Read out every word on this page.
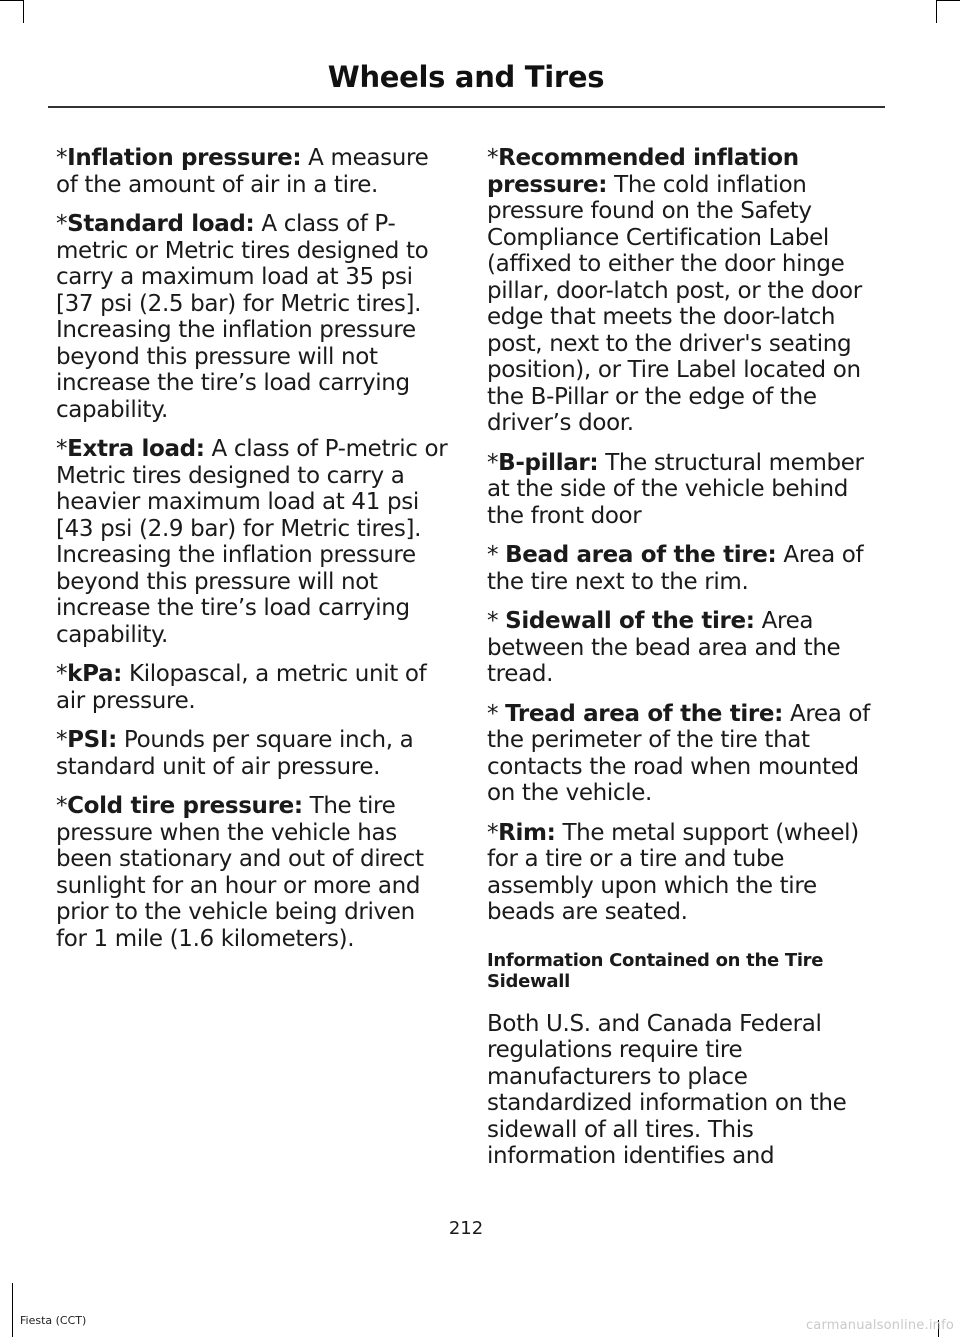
Wheels and Tires

*Inflation pressure: A measure of the amount of air in a tire.

*Standard load: A class of P-metric or Metric tires designed to carry a maximum load at 35 psi [37 psi (2.5 bar) for Metric tires]. Increasing the inflation pressure beyond this pressure will not increase the tire’s load carrying capability.

*Extra load: A class of P-metric or Metric tires designed to carry a heavier maximum load at 41 psi [43 psi (2.9 bar) for Metric tires]. Increasing the inflation pressure beyond this pressure will not increase the tire’s load carrying capability.

*kPa: Kilopascal, a metric unit of air pressure.

*PSI: Pounds per square inch, a standard unit of air pressure.

*Cold tire pressure: The tire pressure when the vehicle has been stationary and out of direct sunlight for an hour or more and prior to the vehicle being driven for 1 mile (1.6 kilometers).

*Recommended inflation pressure: The cold inflation pressure found on the Safety Compliance Certification Label (affixed to either the door hinge pillar, door-latch post, or the door edge that meets the door-latch post, next to the driver's seating position), or Tire Label located on the B-Pillar or the edge of the driver’s door.

*B-pillar: The structural member at the side of the vehicle behind the front door

* Bead area of the tire: Area of the tire next to the rim.

* Sidewall of the tire: Area between the bead area and the tread.

* Tread area of the tire: Area of the perimeter of the tire that contacts the road when mounted on the vehicle.

*Rim: The metal support (wheel) for a tire or a tire and tube assembly upon which the tire beads are seated.

Information Contained on the Tire Sidewall

Both U.S. and Canada Federal regulations require tire manufacturers to place standardized information on the sidewall of all tires. This information identifies and

212
Fiesta (CCT)	carmanualsonline.info
